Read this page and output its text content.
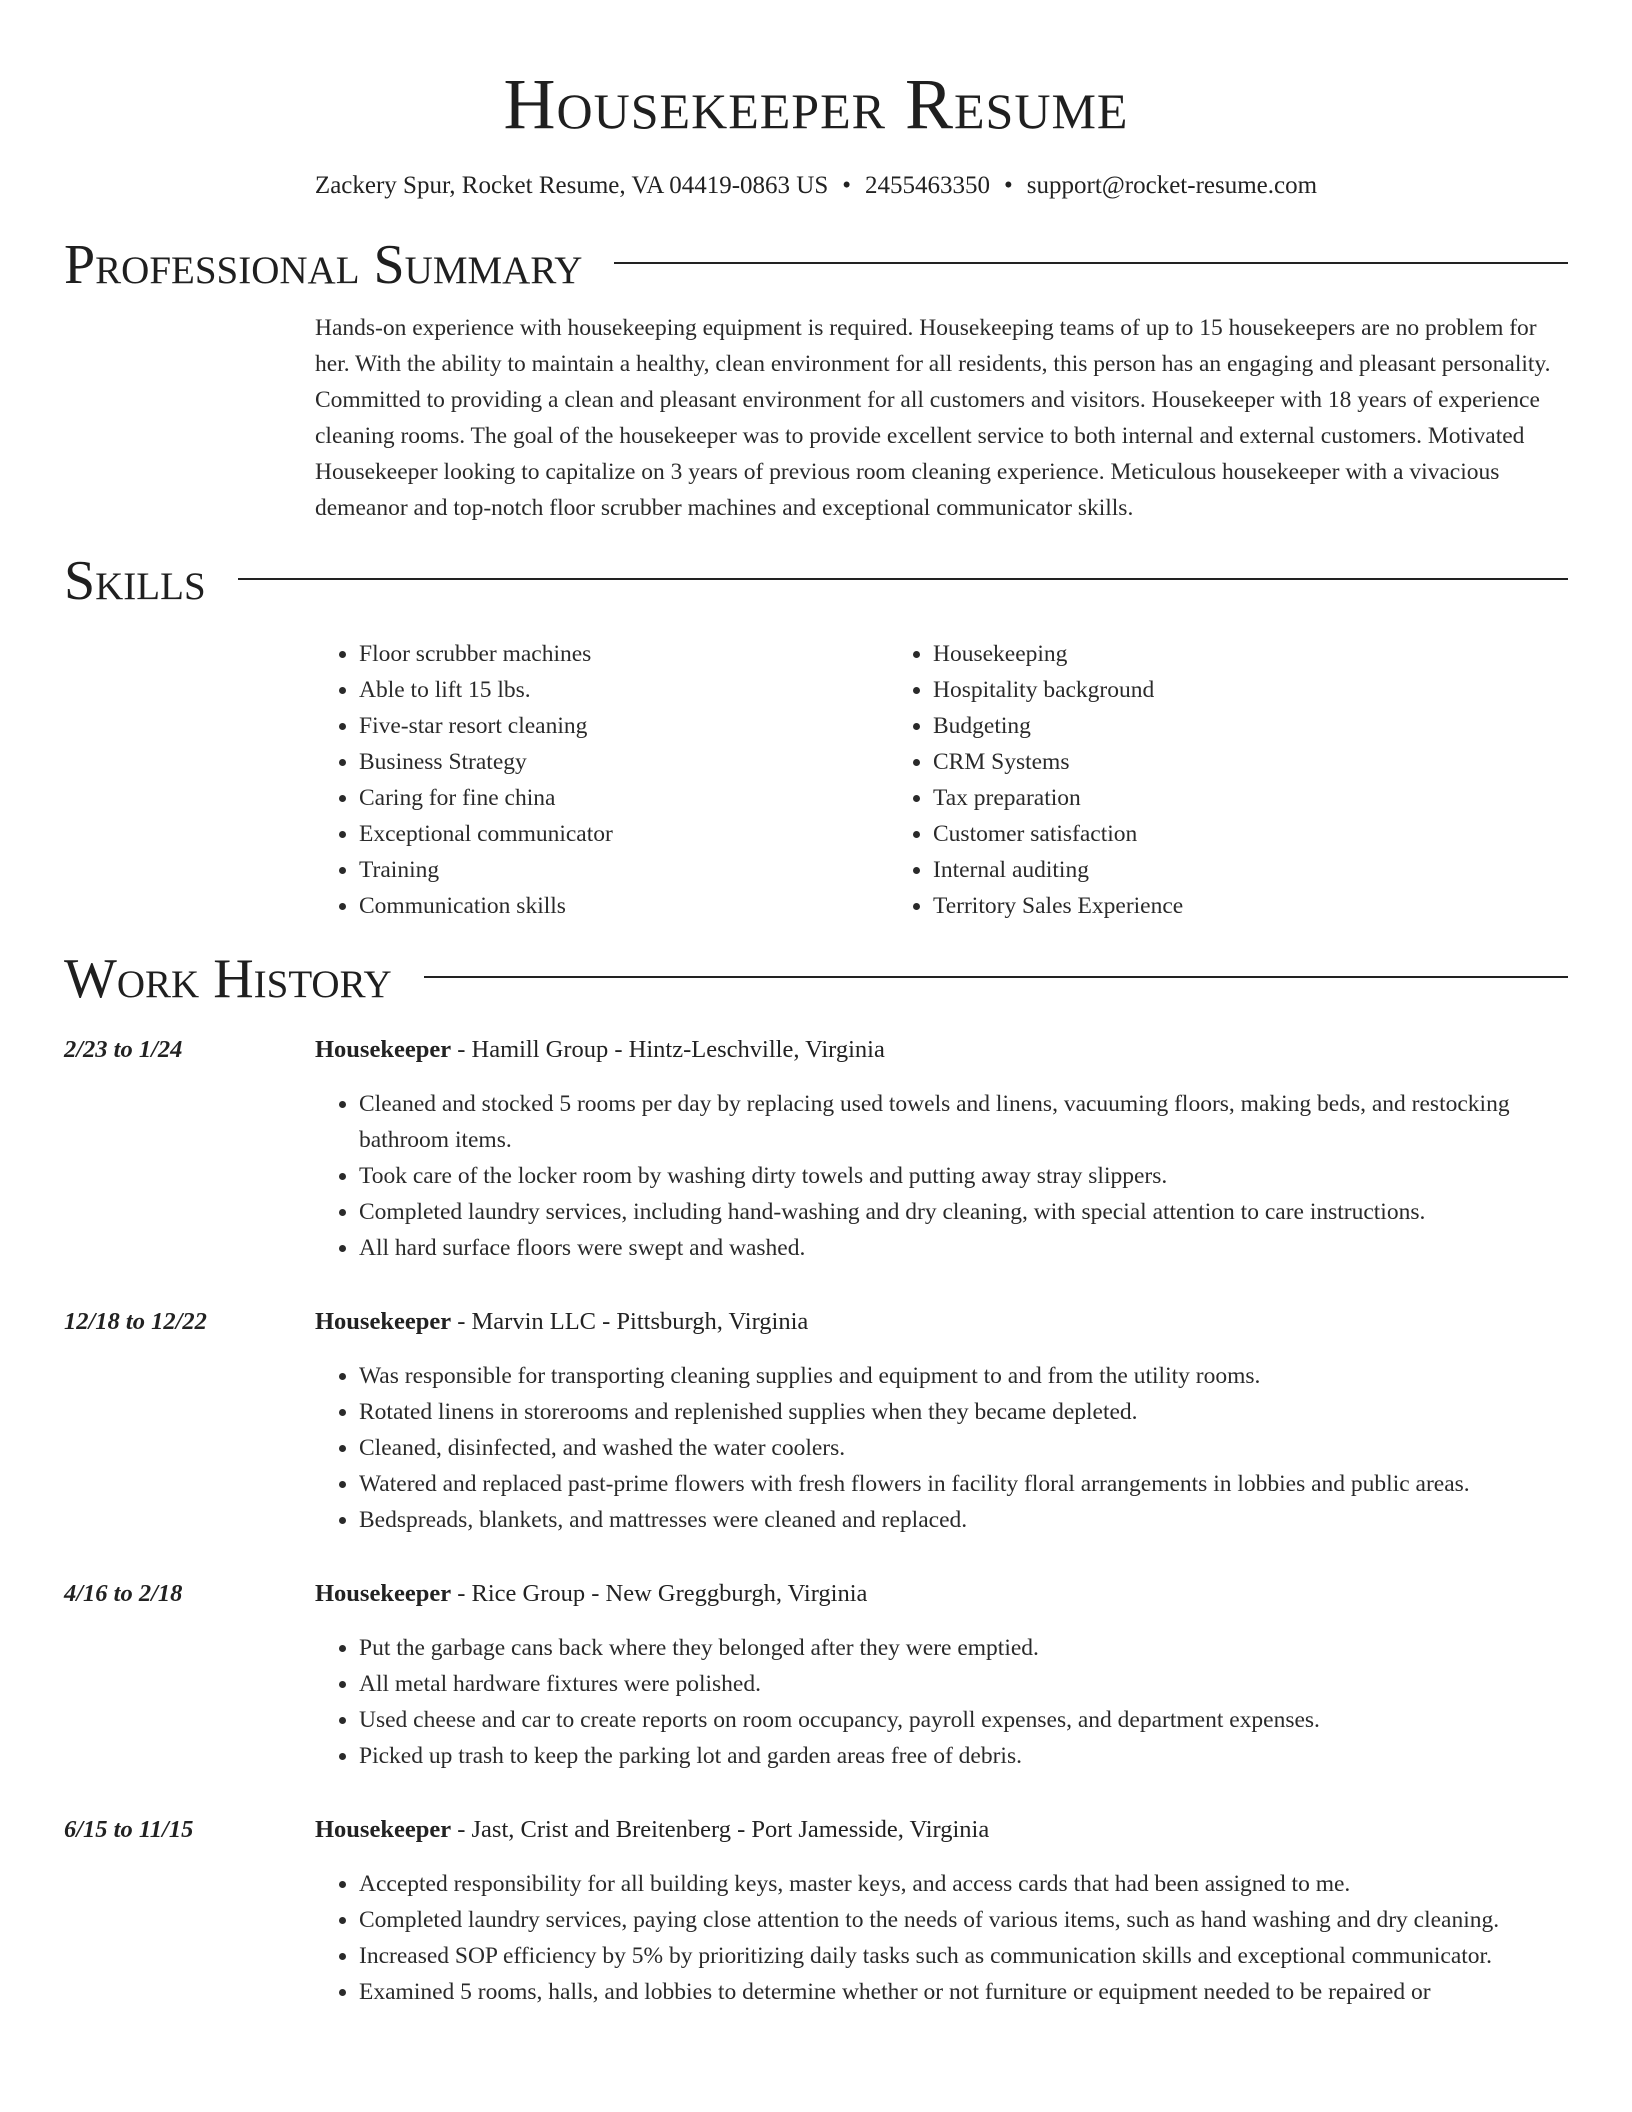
Housekeeper Resume
Zackery Spur, Rocket Resume, VA 04419-0863 US • 2455463350 • support@rocket-resume.com
Professional Summary
Hands-on experience with housekeeping equipment is required. Housekeeping teams of up to 15 housekeepers are no problem for her. With the ability to maintain a healthy, clean environment for all residents, this person has an engaging and pleasant personality. Committed to providing a clean and pleasant environment for all customers and visitors. Housekeeper with 18 years of experience cleaning rooms. The goal of the housekeeper was to provide excellent service to both internal and external customers. Motivated Housekeeper looking to capitalize on 3 years of previous room cleaning experience. Meticulous housekeeper with a vivacious demeanor and top-notch floor scrubber machines and exceptional communicator skills.
Skills
• Floor scrubber machines
• Able to lift 15 lbs.
• Five-star resort cleaning
• Business Strategy
• Caring for fine china
• Exceptional communicator
• Training
• Communication skills
• Housekeeping
• Hospitality background
• Budgeting
• CRM Systems
• Tax preparation
• Customer satisfaction
• Internal auditing
• Territory Sales Experience
Work History
2/23 to 1/24	Housekeeper - Hamill Group - Hintz-Leschville, Virginia
• Cleaned and stocked 5 rooms per day by replacing used towels and linens, vacuuming floors, making beds, and restocking bathroom items.
• Took care of the locker room by washing dirty towels and putting away stray slippers.
• Completed laundry services, including hand-washing and dry cleaning, with special attention to care instructions.
• All hard surface floors were swept and washed.
12/18 to 12/22	Housekeeper - Marvin LLC - Pittsburgh, Virginia
• Was responsible for transporting cleaning supplies and equipment to and from the utility rooms.
• Rotated linens in storerooms and replenished supplies when they became depleted.
• Cleaned, disinfected, and washed the water coolers.
• Watered and replaced past-prime flowers with fresh flowers in facility floral arrangements in lobbies and public areas.
• Bedspreads, blankets, and mattresses were cleaned and replaced.
4/16 to 2/18	Housekeeper - Rice Group - New Greggburgh, Virginia
• Put the garbage cans back where they belonged after they were emptied.
• All metal hardware fixtures were polished.
• Used cheese and car to create reports on room occupancy, payroll expenses, and department expenses.
• Picked up trash to keep the parking lot and garden areas free of debris.
6/15 to 11/15	Housekeeper - Jast, Crist and Breitenberg - Port Jamesside, Virginia
• Accepted responsibility for all building keys, master keys, and access cards that had been assigned to me.
• Completed laundry services, paying close attention to the needs of various items, such as hand washing and dry cleaning.
• Increased SOP efficiency by 5% by prioritizing daily tasks such as communication skills and exceptional communicator.
• Examined 5 rooms, halls, and lobbies to determine whether or not furniture or equipment needed to be repaired or
